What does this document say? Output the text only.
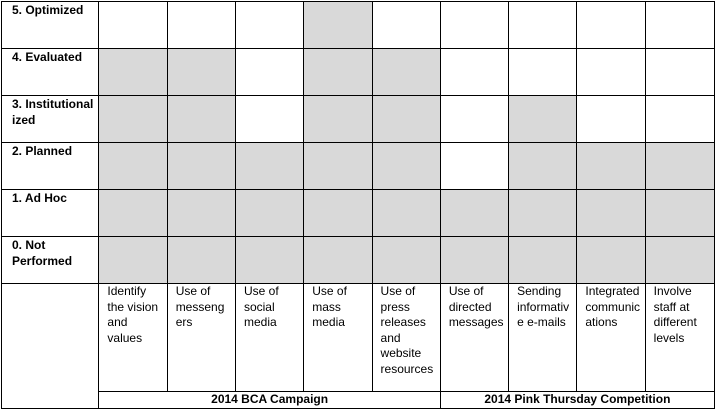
5. Optimized									
4. Evaluated									
3. Institutionalized									
2. Planned									
1. Ad Hoc									
0. Not Performed									
	Identify the vision and values	Use of messengers	Use of social media	Use of mass media	Use of press releases and website resources	Use of directed messages	Sending informative e-mails	Integrated communications	Involve staff at different levels
	2014 BCA Campaign					2014 Pink Thursday Competition			
